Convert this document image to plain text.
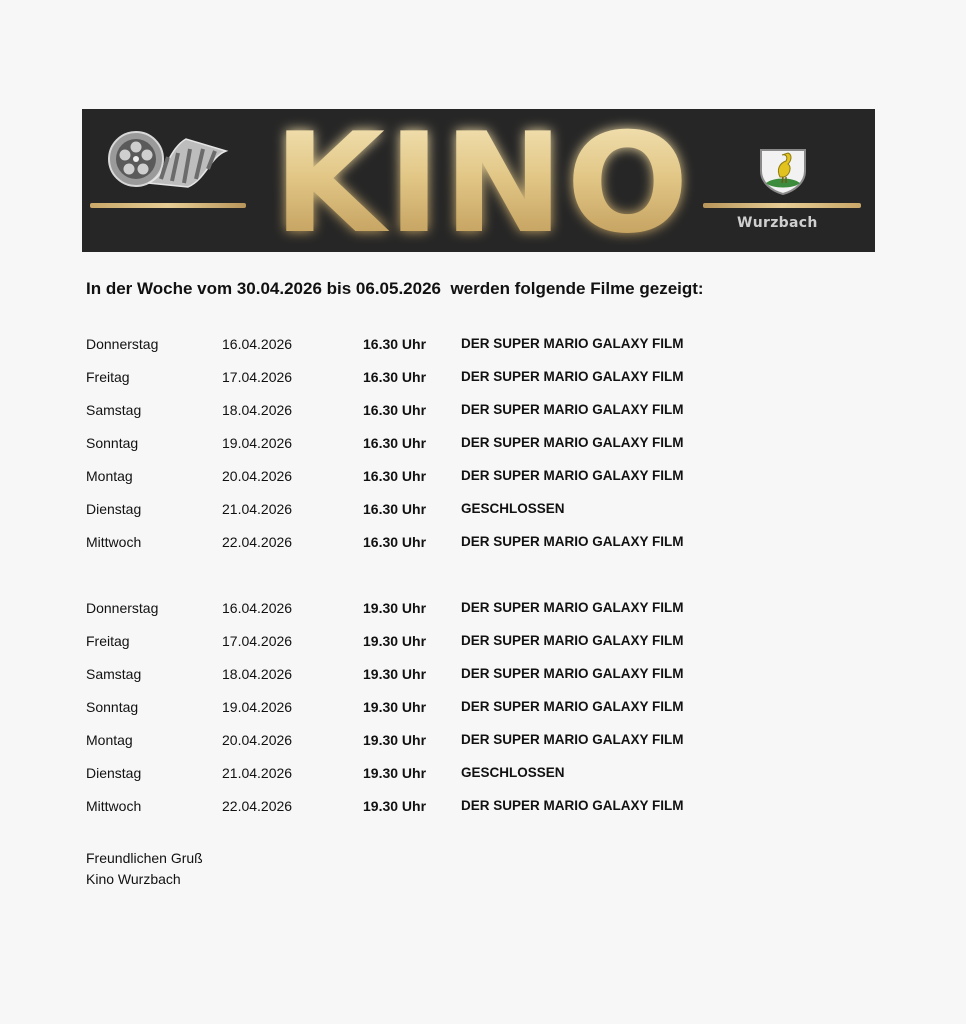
KINO	Wurzbach
In der Woche vom 30.04.2026 bis 06.05.2026  werden folgende Filme gezeigt:
Donnerstag	16.04.2026	16.30 Uhr	DER SUPER MARIO GALAXY FILM
Freitag	17.04.2026	16.30 Uhr	DER SUPER MARIO GALAXY FILM
Samstag	18.04.2026	16.30 Uhr	DER SUPER MARIO GALAXY FILM
Sonntag	19.04.2026	16.30 Uhr	DER SUPER MARIO GALAXY FILM
Montag	20.04.2026	16.30 Uhr	DER SUPER MARIO GALAXY FILM
Dienstag	21.04.2026	16.30 Uhr	GESCHLOSSEN
Mittwoch	22.04.2026	16.30 Uhr	DER SUPER MARIO GALAXY FILM
Donnerstag	16.04.2026	19.30 Uhr	DER SUPER MARIO GALAXY FILM
Freitag	17.04.2026	19.30 Uhr	DER SUPER MARIO GALAXY FILM
Samstag	18.04.2026	19.30 Uhr	DER SUPER MARIO GALAXY FILM
Sonntag	19.04.2026	19.30 Uhr	DER SUPER MARIO GALAXY FILM
Montag	20.04.2026	19.30 Uhr	DER SUPER MARIO GALAXY FILM
Dienstag	21.04.2026	19.30 Uhr	GESCHLOSSEN
Mittwoch	22.04.2026	19.30 Uhr	DER SUPER MARIO GALAXY FILM
Freundlichen Gruß
Kino Wurzbach
